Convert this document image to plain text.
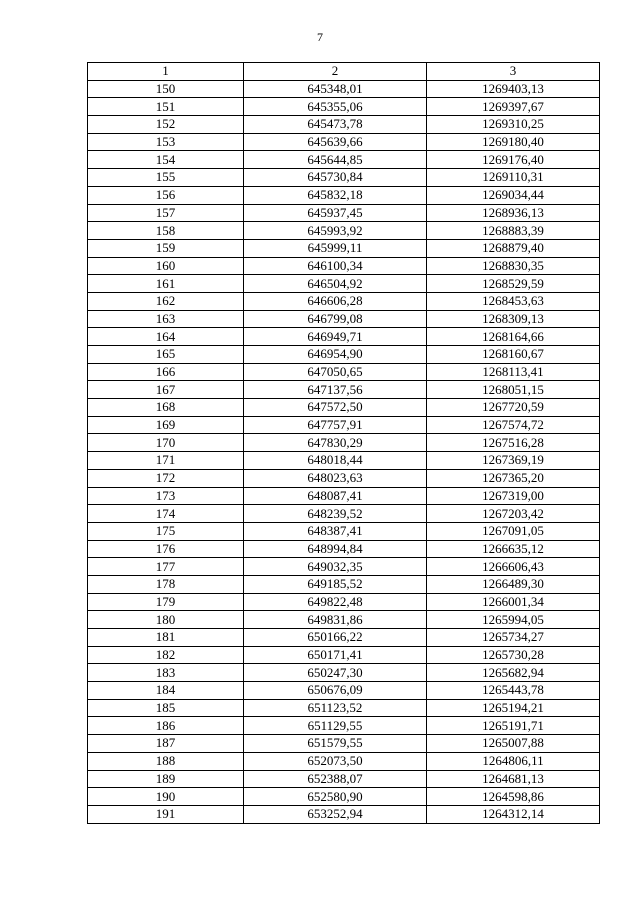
7
1	2	3
150	645348,01	1269403,13
151	645355,06	1269397,67
152	645473,78	1269310,25
153	645639,66	1269180,40
154	645644,85	1269176,40
155	645730,84	1269110,31
156	645832,18	1269034,44
157	645937,45	1268936,13
158	645993,92	1268883,39
159	645999,11	1268879,40
160	646100,34	1268830,35
161	646504,92	1268529,59
162	646606,28	1268453,63
163	646799,08	1268309,13
164	646949,71	1268164,66
165	646954,90	1268160,67
166	647050,65	1268113,41
167	647137,56	1268051,15
168	647572,50	1267720,59
169	647757,91	1267574,72
170	647830,29	1267516,28
171	648018,44	1267369,19
172	648023,63	1267365,20
173	648087,41	1267319,00
174	648239,52	1267203,42
175	648387,41	1267091,05
176	648994,84	1266635,12
177	649032,35	1266606,43
178	649185,52	1266489,30
179	649822,48	1266001,34
180	649831,86	1265994,05
181	650166,22	1265734,27
182	650171,41	1265730,28
183	650247,30	1265682,94
184	650676,09	1265443,78
185	651123,52	1265194,21
186	651129,55	1265191,71
187	651579,55	1265007,88
188	652073,50	1264806,11
189	652388,07	1264681,13
190	652580,90	1264598,86
191	653252,94	1264312,14
